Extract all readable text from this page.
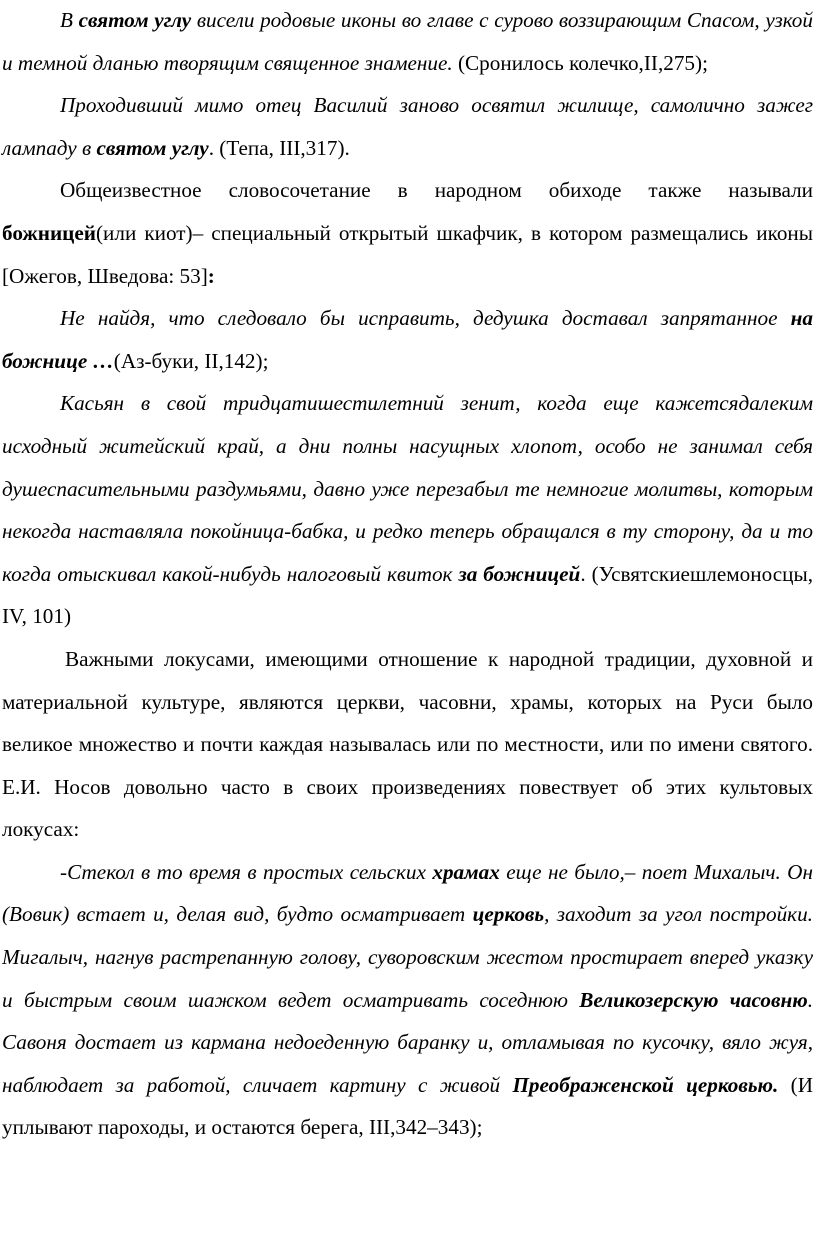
В святом углу висели родовые иконы во главе с сурово воззирающим Спасом, узкой и темной дланью творящим священное знамение. (Сронилось колечко,II,275);

Проходивший мимо отец Василий заново освятил жилище, самолично зажег лампаду в святом углу. (Тепа, III,317).

Общеизвестное словосочетание в народном обиходе также называли божницей(или киот)– специальный открытый шкафчик, в котором размещались иконы [Ожегов, Шведова: 53]:

Не найдя, что следовало бы исправить, дедушка доставал запрятанное на божнице …(Аз-буки, II,142);

Касьян в свой тридцатишестилетний зенит, когда еще кажетсядалеким исходный житейский край, а дни полны насущных хлопот, особо не занимал себя душеспасительными раздумьями, давно уже перезабыл те немногие молитвы, которым некогда наставляла покойница-бабка, и редко теперь обращался в ту сторону, да и то когда отыскивал какой-нибудь налоговый квиток за божницей. (Усвятскиешлемоносцы, IV, 101)

Важными локусами, имеющими отношение к народной традиции, духовной и материальной культуре, являются церкви, часовни, храмы, которых на Руси было великое множество и почти каждая называлась или по местности, или по имени святого. Е.И. Носов довольно часто в своих произведениях повествует об этих культовых локусах:

-Стекол в то время в простых сельских храмах еще не было,– поет Михалыч. Он (Вовик) встает и, делая вид, будто осматривает церковь, заходит за угол постройки. Мигалыч, нагнув растрепанную голову, суворовским жестом простирает вперед указку и быстрым своим шажком ведет осматривать соседнюю Великозерскую часовню. Савоня достает из кармана недоеденную баранку и, отламывая по кусочку, вяло жуя, наблюдает за работой, сличает картину с живой Преображенской церковью. (И уплывают пароходы, и остаются берега, III,342–343);
